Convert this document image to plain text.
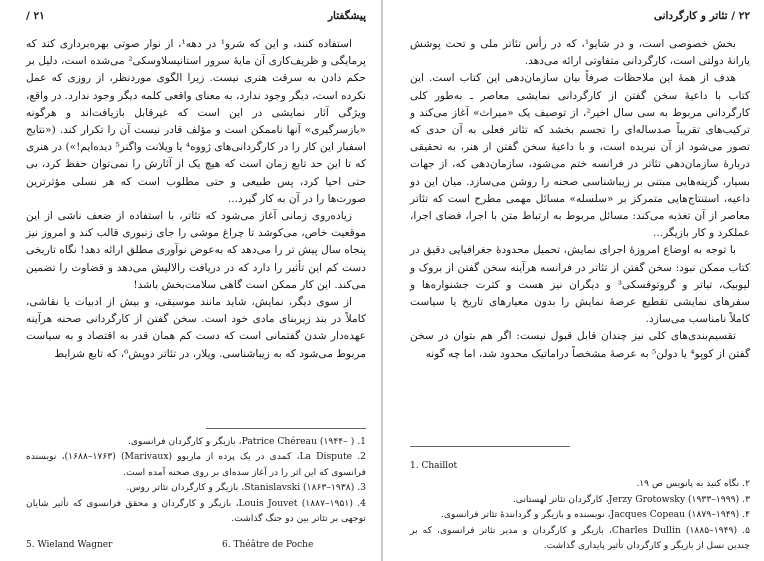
پیشگفتار
۲۱ /

استفاده کنند، و این که شرو¹ در دهه¹، از نوار صوتی بهره‌برداری کند که پرمایگی و ظریف‌کاری آن مایهٔ سرور استانیسلاوسکی² می‌شده است، دلیل بر حکم دادن به سرقت هنری نیست. زیرا الگوی موردنظر، از روزی که عمل نکرده است، دیگر وجود ندارد، به معنای واقعی کلمه دیگر وجود ندارد. در واقع، ویژگی آثار نمایشی در این است که غیرقابل بازیافت‌اند و هرگونه «بازسرگیری» آنها ناممکن است و مؤلف قادر نیست آن را تکرار کند. («نتایج اسفبار این کار را در کارگردانی‌های ژووه⁴ یا ویلانت واگنر⁵ دیده‌ایم!») در هنری که تا این حد تابع زمان است که هیچ یک از آثارش را نمی‌توان حفظ کرد، بی حتی احیا کرد، پس طبیعی و حتی مطلوب است که هر نسلی مؤثرترین صورت‌ها را در آن به کار گیرد...

زیاده‌روی زمانی آغاز می‌شود که تئاتر، با استفاده از ضعف ناشی از این موقعیت خاص، می‌کوشد تا چراغ موشی را جای زنبوری قالب کند و امروز نیز پنجاه سال پیش تر را می‌دهد که به‌عوض نوآوری مطلق ارائه دهد! نگاه تاریخی دست کم این تأثیر را دارد که در دریافت رالالیش می‌دهد و قضاوت را تضمین می‌کند. این کار ممکن است گاهی سلامت‌بخش باشد!

از سوی دیگر، نمایش، شاید مانند موسیقی، و بیش از ادبیات یا نقاشی، کاملاً در بند زیربنای مادی خود است. سخن گفتن از کارگردانی صحنه هرآینه عهده‌دار شدن گفتمانی است که دست کم همان قدر به اقتصاد و به سیاست مربوط می‌شود که به زیباشناسی. ویلار، در تئاتر دوپش⁶، که تابع شرایط

1. Patrice Chéreau (۱۹۴۴– )، بازیگر و کارگردان فرانسوی.

2. La Dispute، کمدی در یک پرده از ماریوو (Marivaux) (۱۶۸۸–۱۷۶۳)، نویسنده فرانسوی که این اثر را در آغاز سده‌ای بر روی صحنه آمده است.

3. Stanislavski (۱۸۶۳–۱۹۳۸)، بازیگر و کارگردان تئاتر روس.

4. Louis Jouvet (۱۸۸۷–۱۹۵۱)، بازیگر و کارگردان و محقق فرانسوی که تأثیر شایان توجهی بر تئاتر بین دو جنگ گذاشت.

5. Wieland Wagner	6. Théâtre de Poche
۲۲ / تئاتر و کارگردانی

بخش خصوصی است، و در شایو¹، که در رأس تئاتر ملی و تحت پوشش یارانهٔ دولتی است، کارگردانی متفاوتی ارائه می‌دهد.

هدف از همهٔ این ملاحظات صرفاً بیان سازمان‌دهی این کتاب است. این کتاب با داعیهٔ سخن گفتن از کارگردانی نمایشی معاصر ـ به‌طور کلی کارگردانی مربوط به سی سال اخیر²، از توصیف یک «میراث» آغاز می‌کند و ترکیب‌های تقریباً صدساله‌ای را تجسم بخشد که تئاتر فعلی به آن حدی که تصور می‌شود از آن نبریده است، و با داعیهٔ سخن گفتن از هنر، به تحقیقی دربارهٔ سازمان‌دهی تئاتر در فرانسه ختم می‌شود، سازمان‌دهی که، از جهات بسیار، گزینه‌هایی مبتنی بر زیباشناسی صحنه را روشن می‌سازد. میان این دو داعیه، استنتاج‌هایی متمرکز بر «سلسله» مسائل مهمی مطرح است که تئاتر معاصر از آن تغذیه می‌کند: مسائل مربوط به ارتباط متن با اجرا، فضای اجرا، عملکرد و کار بازیگر...

با توجه به اوضاع امروزهٔ اجرای نمایش، تحمیل محدودهٔ جغرافیایی دقیق در کتاب ممکن نبود: سخن گفتن از تئاتر در فرانسه هرآینه سخن گفتن از بروک و لیوبیک، تیاتر و گروتوفسکی³ و دیگران نیز هست و کثرت جشنواره‌ها و سفرهای نمایشی تقطیع عرصهٔ نمایش را بدون معیارهای تاریخ یا سیاست کاملاً نامناسب می‌سازد.

تقسیم‌بندی‌های کلی نیز چندان قابل قبول نیست: اگر هم بتوان در سخن گفتن از کوپو⁴ یا دولن⁵ به عرصهٔ مشخصاً دراماتیک محدود شد، اما چه گونه

1. Chaillot

۲. نگاه کنید به پانویس ص ۱۹.

۳. Jerzy Grotowsky (۱۹۳۳–۱۹۹۹)، کارگردان تئاتر لهستانی.

۴. Jacques Copeau (۱۸۷۹–۱۹۴۹)، نویسنده و بازیگر و گردانندهٔ تئاتر فرانسوی.

۵. Charles Dullin (۱۸۸۵–۱۹۴۹)، بازیگر و کارگردان و مدیر تئاتر فرانسوی، که بر چندین نسل از بازیگر و کارگردان تأثیر پایداری گذاشت.
